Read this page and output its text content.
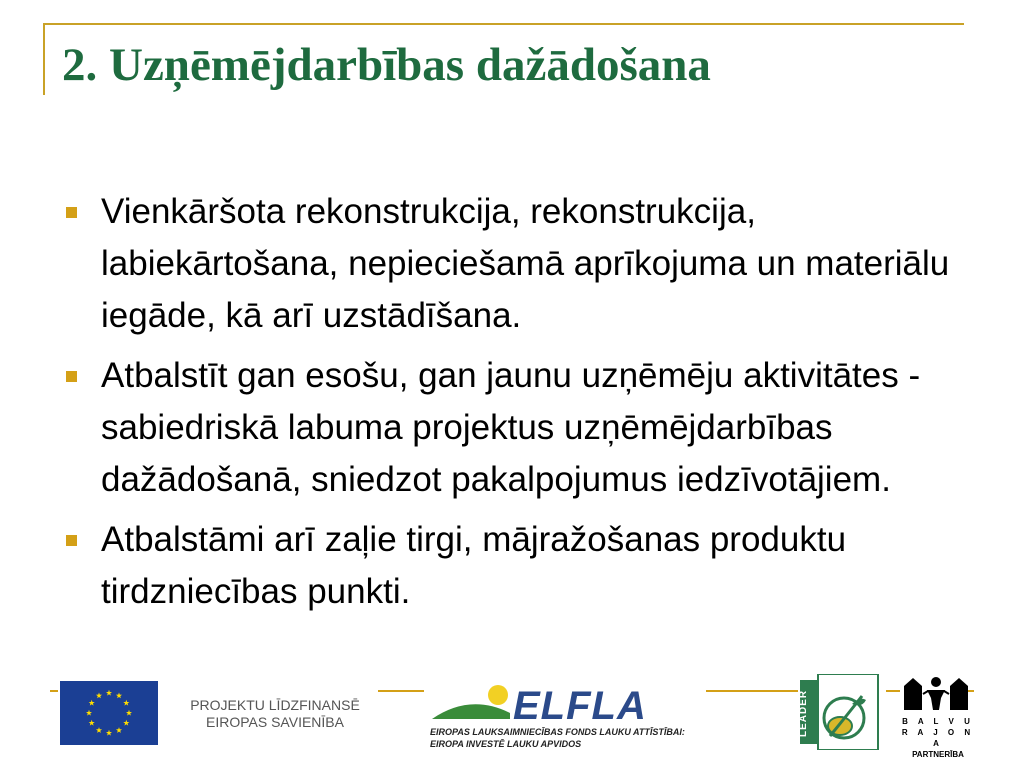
2. Uzņēmējdarbības dažādošana
Vienkāršota rekonstrukcija, rekonstrukcija, labiekārtošana, nepieciešamā aprīkojuma un materiālu iegāde, kā arī uzstādīšana.
Atbalstīt gan esošu, gan jaunu uzņēmēju aktivitātes -sabiedriskā labuma projektus uzņēmējdarbības dažādošanā, sniedzot pakalpojumus iedzīvotājiem.
Atbalstāmi arī zaļie tirgi, mājražošanas produktu tirdzniecības punkti.
PROJEKTU LĪDZFINANSĒ
EIROPAS SAVIENĪBA	ELFLA
EIROPAS LAUKSAIMNIECĪBAS FONDS LAUKU ATTĪSTĪBAI:
EIROPA INVESTĒ LAUKU APVIDOS
LEADER	B A L V U
R A J O N A
PARTNERĪBA
